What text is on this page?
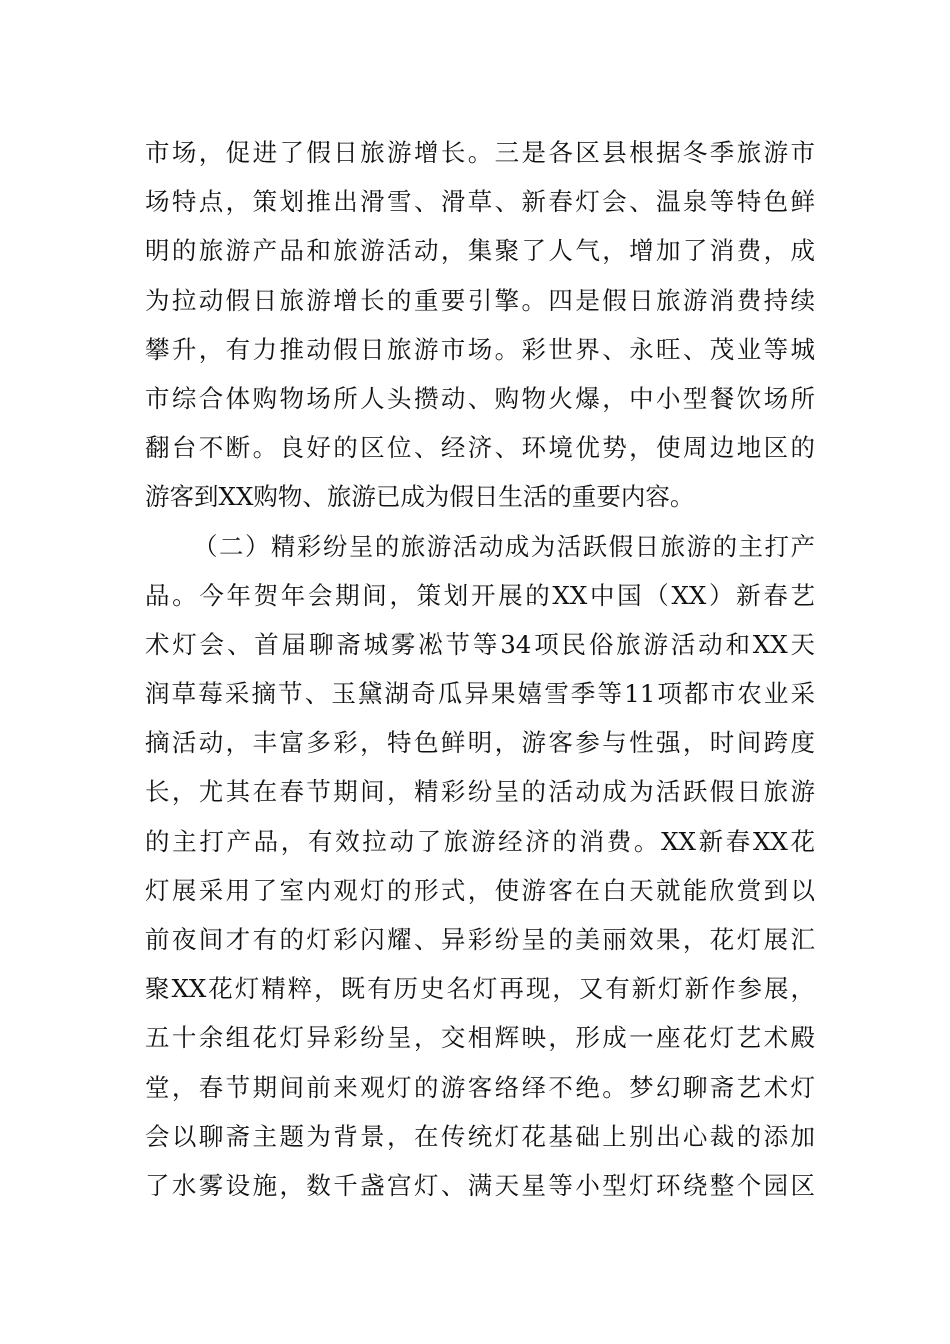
市场，促进了假日旅游增长。三是各区县根据冬季旅游市
场特点，策划推出滑雪、滑草、新春灯会、温泉等特色鲜
明的旅游产品和旅游活动，集聚了人气，增加了消费，成
为拉动假日旅游增长的重要引擎。四是假日旅游消费持续
攀升，有力推动假日旅游市场。彩世界、永旺、茂业等城
市综合体购物场所人头攒动、购物火爆，中小型餐饮场所
翻台不断。良好的区位、经济、环境优势，使周边地区的
游客到XX购物、旅游已成为假日生活的重要内容。
（二）精彩纷呈的旅游活动成为活跃假日旅游的主打产
品。今年贺年会期间，策划开展的XX中国（XX）新春艺
术灯会、首届聊斋城雾凇节等34项民俗旅游活动和XX天
润草莓采摘节、玉黛湖奇瓜异果嬉雪季等11项都市农业采
摘活动，丰富多彩，特色鲜明，游客参与性强，时间跨度
长，尤其在春节期间，精彩纷呈的活动成为活跃假日旅游
的主打产品，有效拉动了旅游经济的消费。XX新春XX花
灯展采用了室内观灯的形式，使游客在白天就能欣赏到以
前夜间才有的灯彩闪耀、异彩纷呈的美丽效果，花灯展汇
聚XX花灯精粹，既有历史名灯再现，又有新灯新作参展，
五十余组花灯异彩纷呈，交相辉映，形成一座花灯艺术殿
堂，春节期间前来观灯的游客络绎不绝。梦幻聊斋艺术灯
会以聊斋主题为背景，在传统灯花基础上别出心裁的添加
了水雾设施，数千盏宫灯、满天星等小型灯环绕整个园区
